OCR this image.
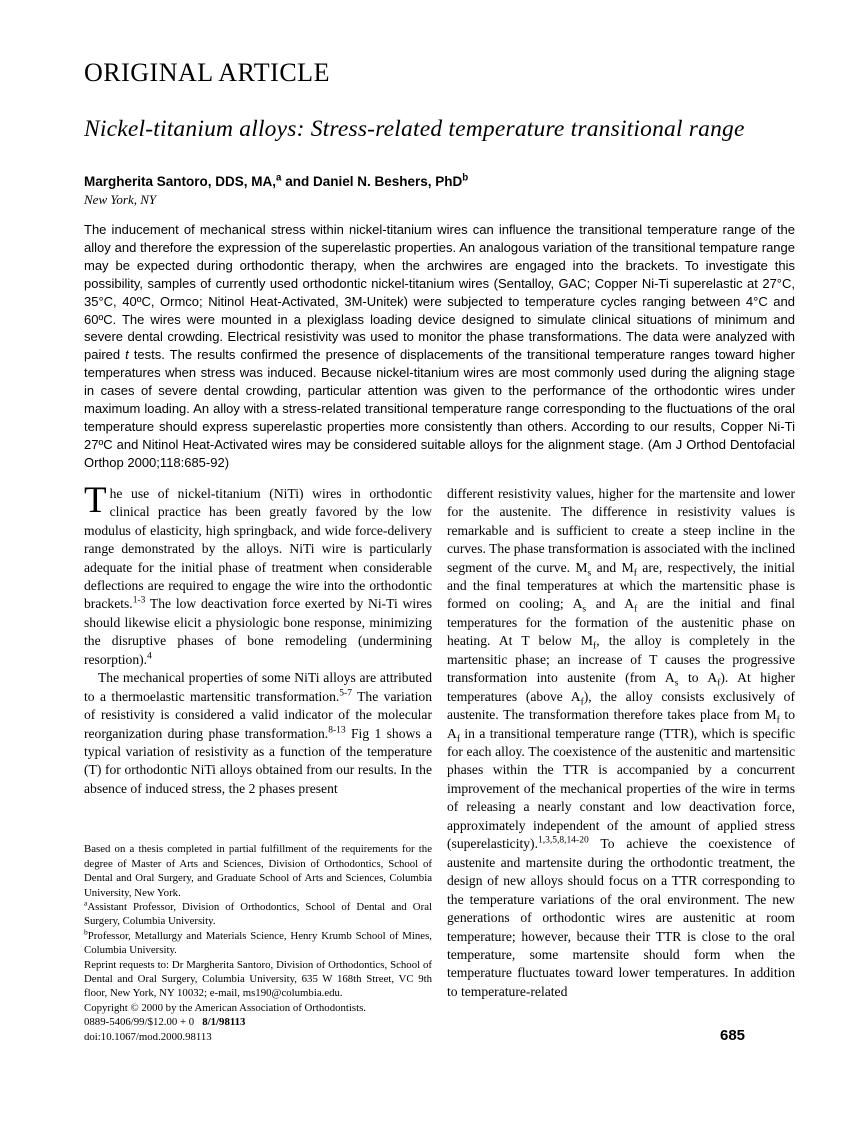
ORIGINAL ARTICLE
Nickel-titanium alloys: Stress-related temperature transitional range
Margherita Santoro, DDS, MA,$^a$ and Daniel N. Beshers, PhD$^b$
New York, NY

The inducement of mechanical stress within nickel-titanium wires can influence the transitional temperature range of the alloy and therefore the expression of the superelastic properties. An analogous variation of the transitional tempature range may be expected during orthodontic therapy, when the archwires are engaged into the brackets. To investigate this possibility, samples of currently used orthodontic nickel-titanium wires (Sentalloy, GAC; Copper Ni-Ti superelastic at 27°C, 35°C, 40ºC, Ormco; Nitinol Heat-Activated, 3M-Unitek) were subjected to temperature cycles ranging between 4°C and 60ºC. The wires were mounted in a plexiglass loading device designed to simulate clinical situations of minimum and severe dental crowding. Electrical resistivity was used to monitor the phase transformations. The data were analyzed with paired t tests. The results confirmed the presence of displacements of the transitional temperature ranges toward higher temperatures when stress was induced. Because nickel-titanium wires are most commonly used during the aligning stage in cases of severe dental crowding, particular attention was given to the performance of the orthodontic wires under maximum loading. An alloy with a stress-related transitional temperature range corresponding to the fluctuations of the oral temperature should express superelastic properties more consistently than others. According to our results, Copper Ni-Ti 27ºC and Nitinol Heat-Activated wires may be considered suitable alloys for the alignment stage. (Am J Orthod Dentofacial Orthop 2000;118:685-92)

The use of nickel-titanium (NiTi) wires in orthodontic clinical practice has been greatly favored by the low modulus of elasticity, high springback, and wide force-delivery range demonstrated by the alloys. NiTi wire is particularly adequate for the initial phase of treatment when considerable deflections are required to engage the wire into the orthodontic brackets.$^{1-3}$ The low deactivation force exerted by Ni-Ti wires should likewise elicit a physiologic bone response, minimizing the disruptive phases of bone remodeling (undermining resorption).$^4$

The mechanical properties of some NiTi alloys are attributed to a thermoelastic martensitic transformation.$^{5-7}$ The variation of resistivity is considered a valid indicator of the molecular reorganization during phase transformation.$^{8-13}$ Fig 1 shows a typical variation of resistivity as a function of the temperature (T) for orthodontic NiTi alloys obtained from our results. In the absence of induced stress, the 2 phases present

Based on a thesis completed in partial fulfillment of the requirements for the degree of Master of Arts and Sciences, Division of Orthodontics, School of Dental and Oral Surgery, and Graduate School of Arts and Sciences, Columbia University, New York.

$^a$Assistant Professor, Division of Orthodontics, School of Dental and Oral Surgery, Columbia University.

$^b$Professor, Metallurgy and Materials Science, Henry Krumb School of Mines, Columbia University.

Reprint requests to: Dr Margherita Santoro, Division of Orthodontics, School of Dental and Oral Surgery, Columbia University, 635 W 168th Street, VC 9th floor, New York, NY 10032; e-mail, ms190@columbia.edu.

Copyright © 2000 by the American Association of Orthodontists.

0889-5406/99/$12.00 + 0   8/1/98113

doi:10.1067/mod.2000.98113

different resistivity values, higher for the martensite and lower for the austenite. The difference in resistivity values is remarkable and is sufficient to create a steep incline in the curves. The phase transformation is associated with the inclined segment of the curve. $M_s$ and $M_f$ are, respectively, the initial and the final temperatures at which the martensitic phase is formed on cooling; $A_s$ and $A_f$ are the initial and final temperatures for the formation of the austenitic phase on heating. At T below $M_f$, the alloy is completely in the martensitic phase; an increase of T causes the progressive transformation into austenite (from $A_s$ to $A_f$). At higher temperatures (above $A_f$), the alloy consists exclusively of austenite. The transformation therefore takes place from $M_f$ to $A_f$ in a transitional temperature range (TTR), which is specific for each alloy. The coexistence of the austenitic and martensitic phases within the TTR is accompanied by a concurrent improvement of the mechanical properties of the wire in terms of releasing a nearly constant and low deactivation force, approximately independent of the amount of applied stress (superelasticity).$^{1,3,5,8,14-20}$ To achieve the coexistence of austenite and martensite during the orthodontic treatment, the design of new alloys should focus on a TTR corresponding to the temperature variations of the oral environment. The new generations of orthodontic wires are austenitic at room temperature; however, because their TTR is close to the oral temperature, some martensite should form when the temperature fluctuates toward lower temperatures. In addition to temperature-related

685
